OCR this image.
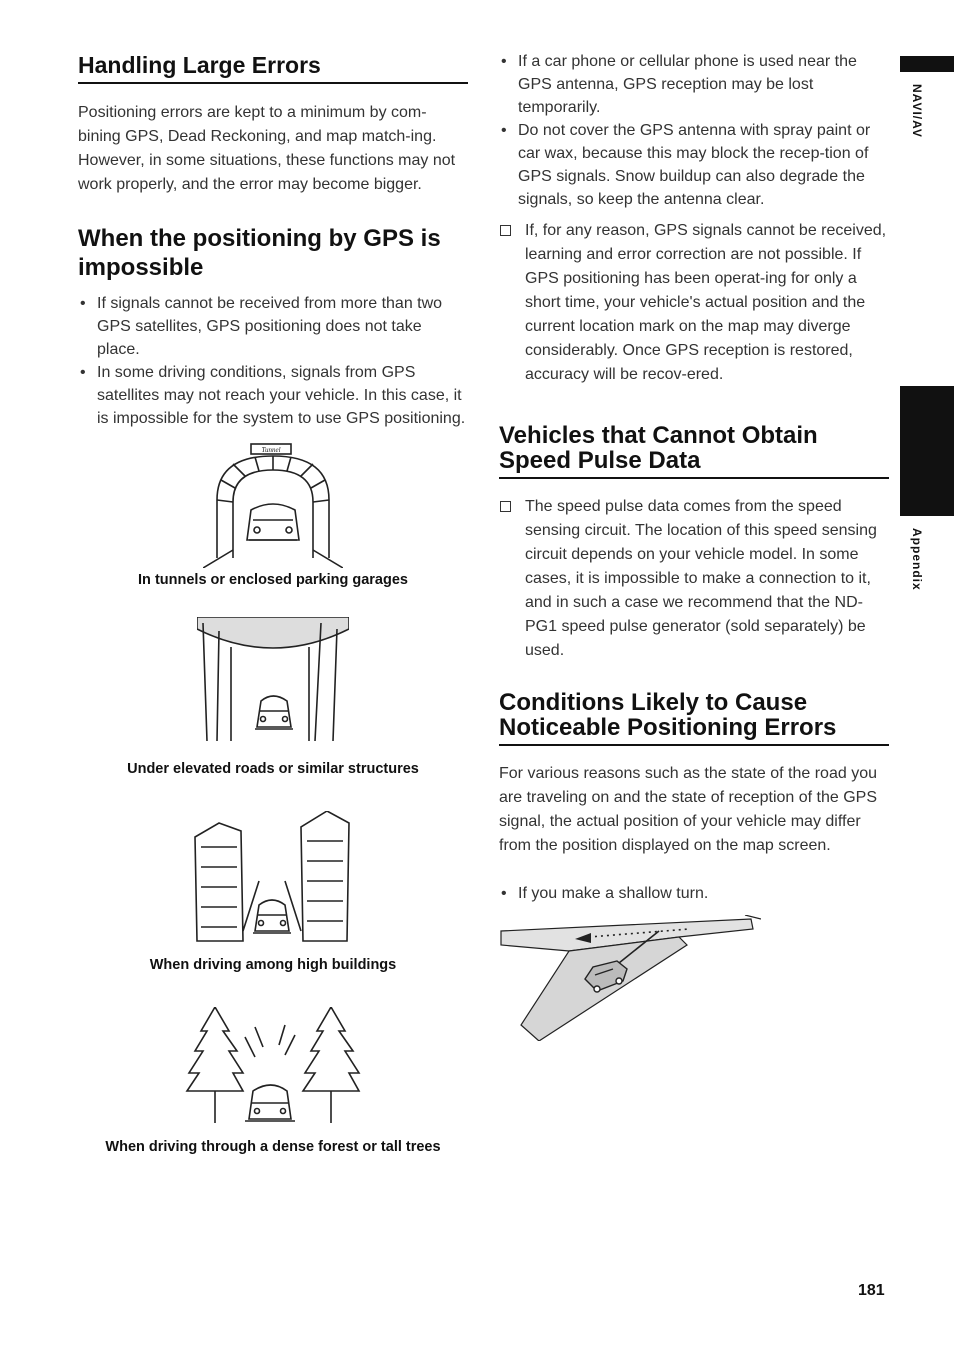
Handling Large Errors

Positioning errors are kept to a minimum by com-bining GPS, Dead Reckoning, and map match-ing. However, in some situations, these functions may not work properly, and the error may become bigger.

When the positioning by GPS is impossible
• If signals cannot be received from more than two GPS satellites, GPS positioning does not take place.
• In some driving conditions, signals from GPS satellites may not reach your vehicle. In this case, it is impossible for the system to use GPS positioning.
Tunnel
In tunnels or enclosed parking garages
Under elevated roads or similar structures
When driving among high buildings
When driving through a dense forest or tall trees
• If a car phone or cellular phone is used near the GPS antenna, GPS reception may be lost temporarily.
• Do not cover the GPS antenna with spray paint or car wax, because this may block the recep-tion of GPS signals. Snow buildup can also degrade the signals, so keep the antenna clear.
If, for any reason, GPS signals cannot be received, learning and error correction are not possible. If GPS positioning has been operat-ing for only a short time, your vehicle's actual position and the current location mark on the map may diverge considerably. Once GPS reception is restored, accuracy will be recov-ered.
Vehicles that Cannot Obtain Speed Pulse Data
The speed pulse data comes from the speed sensing circuit. The location of this speed sensing circuit depends on your vehicle model. In some cases, it is impossible to make a connection to it, and in such a case we recommend that the ND-PG1 speed pulse generator (sold separately) be used.
Conditions Likely to Cause Noticeable Positioning Errors

For various reasons such as the state of the road you are traveling on and the state of reception of the GPS signal, the actual position of your vehicle may differ from the position displayed on the map screen.

• If you make a shallow turn.
NAVI/AV
Appendix
181
